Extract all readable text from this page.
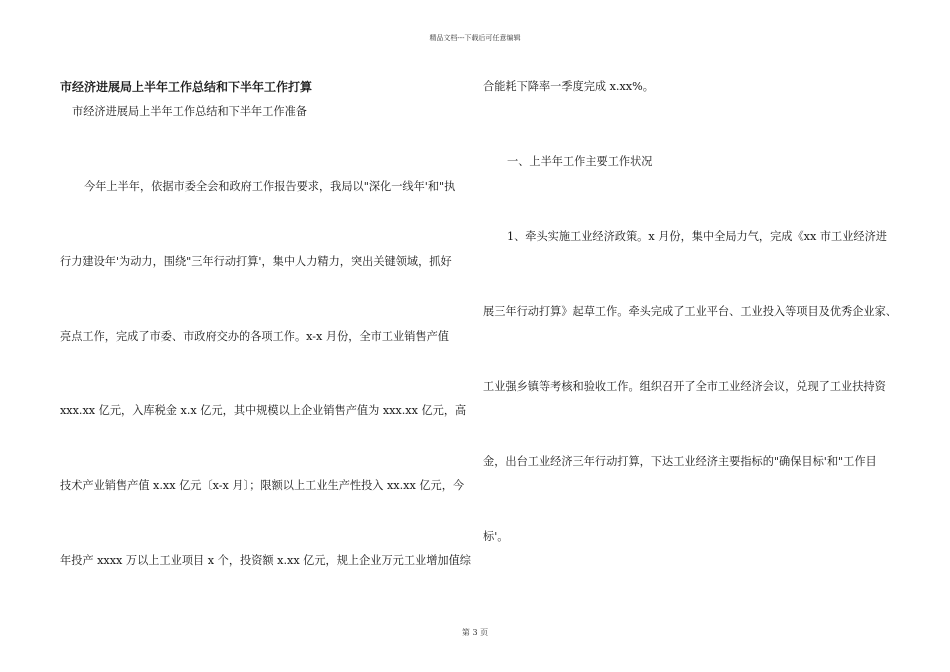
精品文档---下载后可任意编辑
市经济进展局上半年工作总结和下半年工作打算
市经济进展局上半年工作总结和下半年工作准备
今年上半年，依据市委全会和政府工作报告要求，我局以"深化一线年'和"执
行力建设年'为动力，围绕"三年行动打算'，集中人力精力，突出关键领域，抓好
亮点工作，完成了市委、市政府交办的各项工作。x-x 月份，全市工业销售产值
xxx.xx 亿元，入库税金 x.x 亿元，其中规模以上企业销售产值为 xxx.xx 亿元，高
技术产业销售产值 x.xx 亿元〔x-x 月〕；限额以上工业生产性投入 xx.xx 亿元，今
年投产 xxxx 万以上工业项目 x 个，投资额 x.xx 亿元，规上企业万元工业增加值综
合能耗下降率一季度完成 x.xx%。
一、上半年工作主要工作状况
1、牵头实施工业经济政策。x 月份，集中全局力气，完成《xx 市工业经济进
展三年行动打算》起草工作。牵头完成了工业平台、工业投入等项目及优秀企业家、
工业强乡镇等考核和验收工作。组织召开了全市工业经济会议，兑现了工业扶持资
金，出台工业经济三年行动打算，下达工业经济主要指标的"确保目标'和"工作目
标'。
第 3 页
